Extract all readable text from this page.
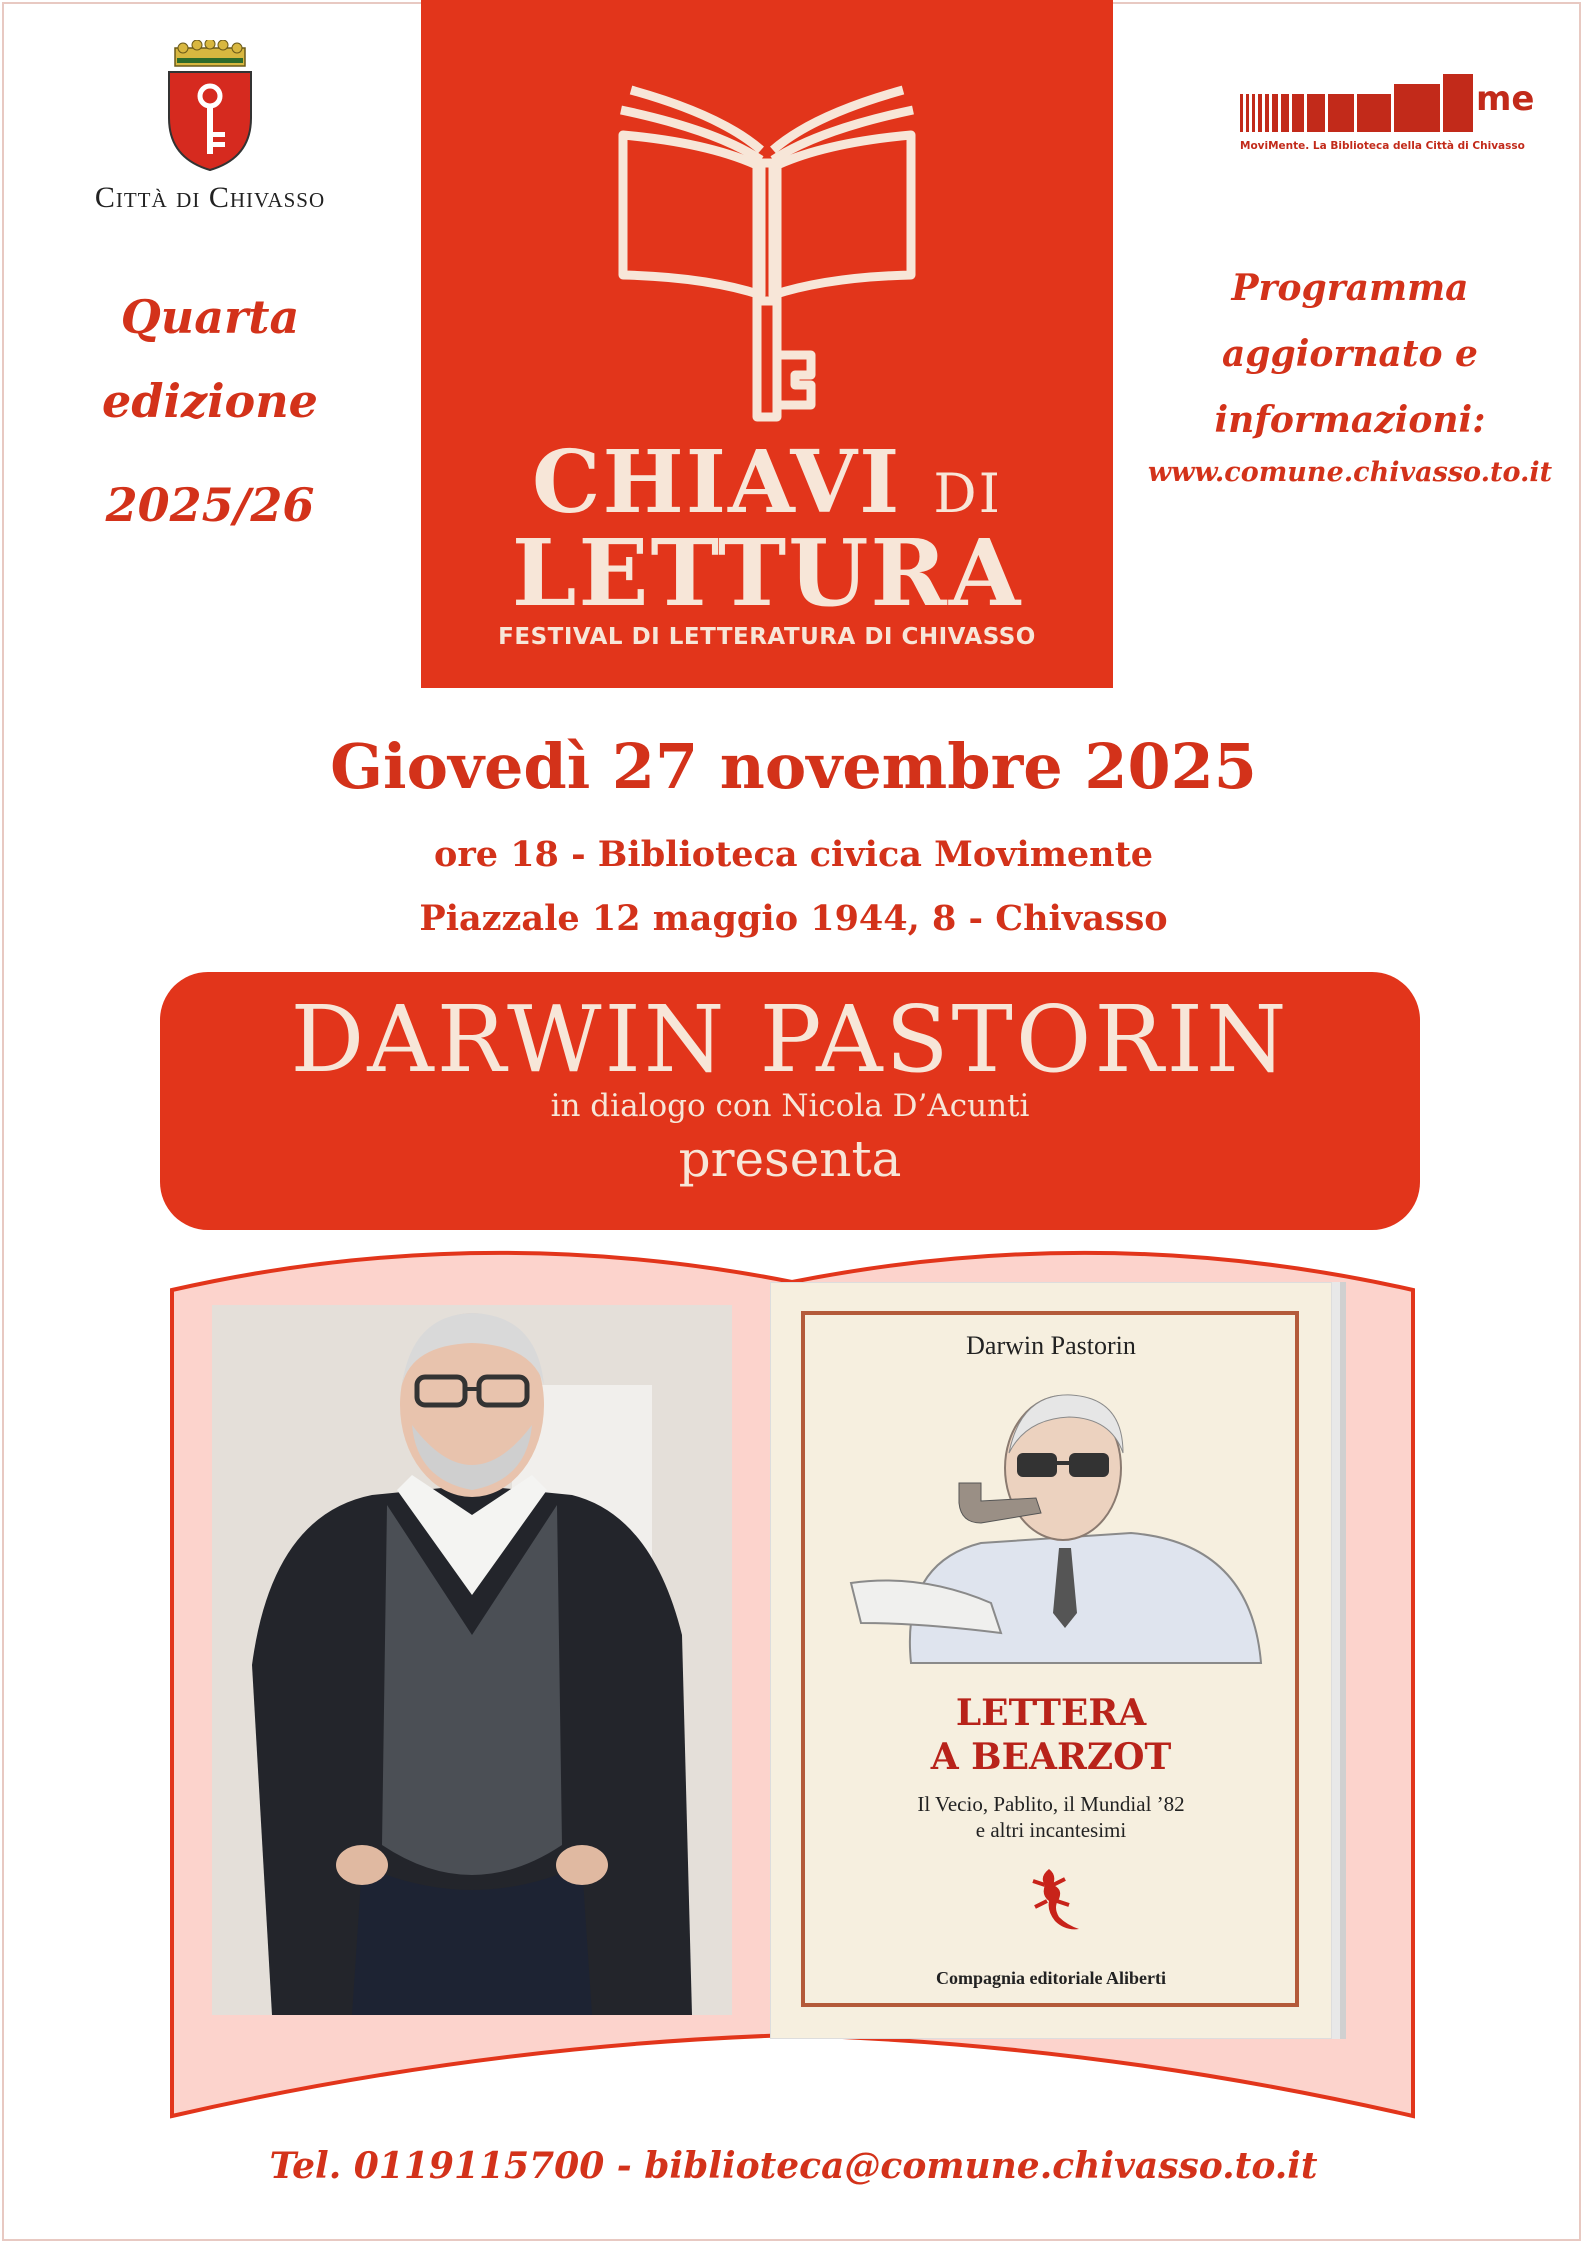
Città di Chivasso
Quarta
edizione
2025/26	CHIAVI DI
LETTURA
FESTIVAL DI LETTERATURA DI CHIVASSO
me
MoviMente. La Biblioteca della Città di Chivasso
Programma
aggiornato e
informazioni:
www.comune.chivasso.to.it
Giovedì 27 novembre 2025
ore 18 - Biblioteca civica Movimente
Piazzale 12 maggio 1944, 8 - Chivasso
DARWIN PASTORIN
in dialogo con Nicola D’Acunti
presenta
Darwin Pastorin
LETTERA
A BEARZOT
Il Vecio, Pablito, il Mundial ’82
e altri incantesimi
Compagnia editoriale Aliberti
Tel. 0119115700 - biblioteca@comune.chivasso.to.it
